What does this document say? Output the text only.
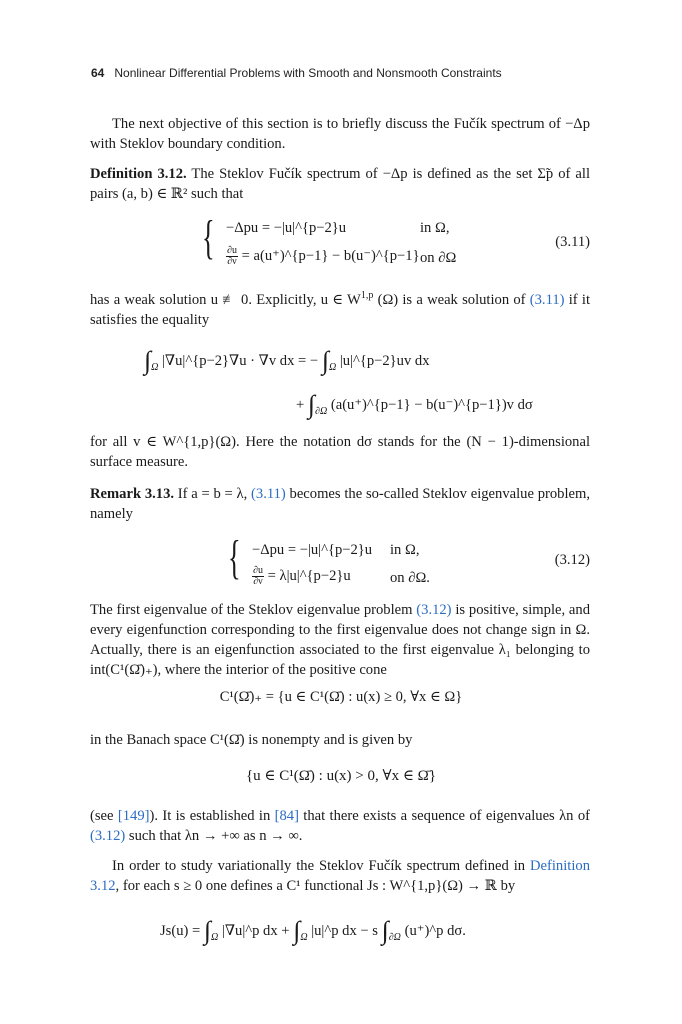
64 Nonlinear Differential Problems with Smooth and Nonsmooth Constraints

The next objective of this section is to briefly discuss the Fučík spectrum of −Δp with Steklov boundary condition.

Definition 3.12. The Steklov Fučík spectrum of −Δp is defined as the set Σ̃p of all pairs (a, b) ∈ ℝ² such that

{ −Δpu = −|u|^{p−2}u	in Ω,
$\frac{\partial u}{\partial\nu}$ = a(u⁺)^{p−1} − b(u⁻)^{p−1} on ∂Ω
(3.11)

has a weak solution u ≢ 0. Explicitly, u ∈ W$^{1,p}$ (Ω) is a weak solution of (3.11) if it satisfies the equality

$\int_\Omega$ |∇u|^{p−2}∇u · ∇v dx = − $\int_\Omega$ |u|^{p−2}uv dx
+ $\int_{\partial\Omega}$ (a(u⁺)^{p−1} − b(u⁻)^{p−1})v dσ

for all v ∈ W^{1,p}(Ω). Here the notation dσ stands for the (N − 1)-dimensional surface measure.

Remark 3.13. If a = b = λ, (3.11) becomes the so-called Steklov eigenvalue problem, namely

{ −Δpu = −|u|^{p−2}u in Ω,
$\frac{\partial u}{\partial\nu}$ = λ|u|^{p−2}u	on ∂Ω.
(3.12)

The first eigenvalue of the Steklov eigenvalue problem (3.12) is positive, simple, and every eigenfunction corresponding to the first eigenvalue does not change sign in Ω. Actually, there is an eigenfunction associated to the first eigenvalue λ₁ belonging to int(C¹(Ω̄)₊), where the interior of the positive cone

C¹(Ω̄)₊ = {u ∈ C¹(Ω̄) : u(x) ≥ 0, ∀x ∈ Ω}

in the Banach space C¹(Ω̄) is nonempty and is given by

{u ∈ C¹(Ω̄) : u(x) > 0, ∀x ∈ Ω̄}

(see [149]). It is established in [84] that there exists a sequence of eigenvalues λn of (3.12) such that λn → +∞ as n → ∞.

In order to study variationally the Steklov Fučík spectrum defined in Definition 3.12, for each s ≥ 0 one defines a C¹ functional Js : W^{1,p}(Ω) → ℝ by

$Js(u) = \int_\Omega$ |∇u|^p dx + $\int_\Omega$ |u|^p dx − s $\int_{\partial\Omega}$ (u⁺)^p dσ.
